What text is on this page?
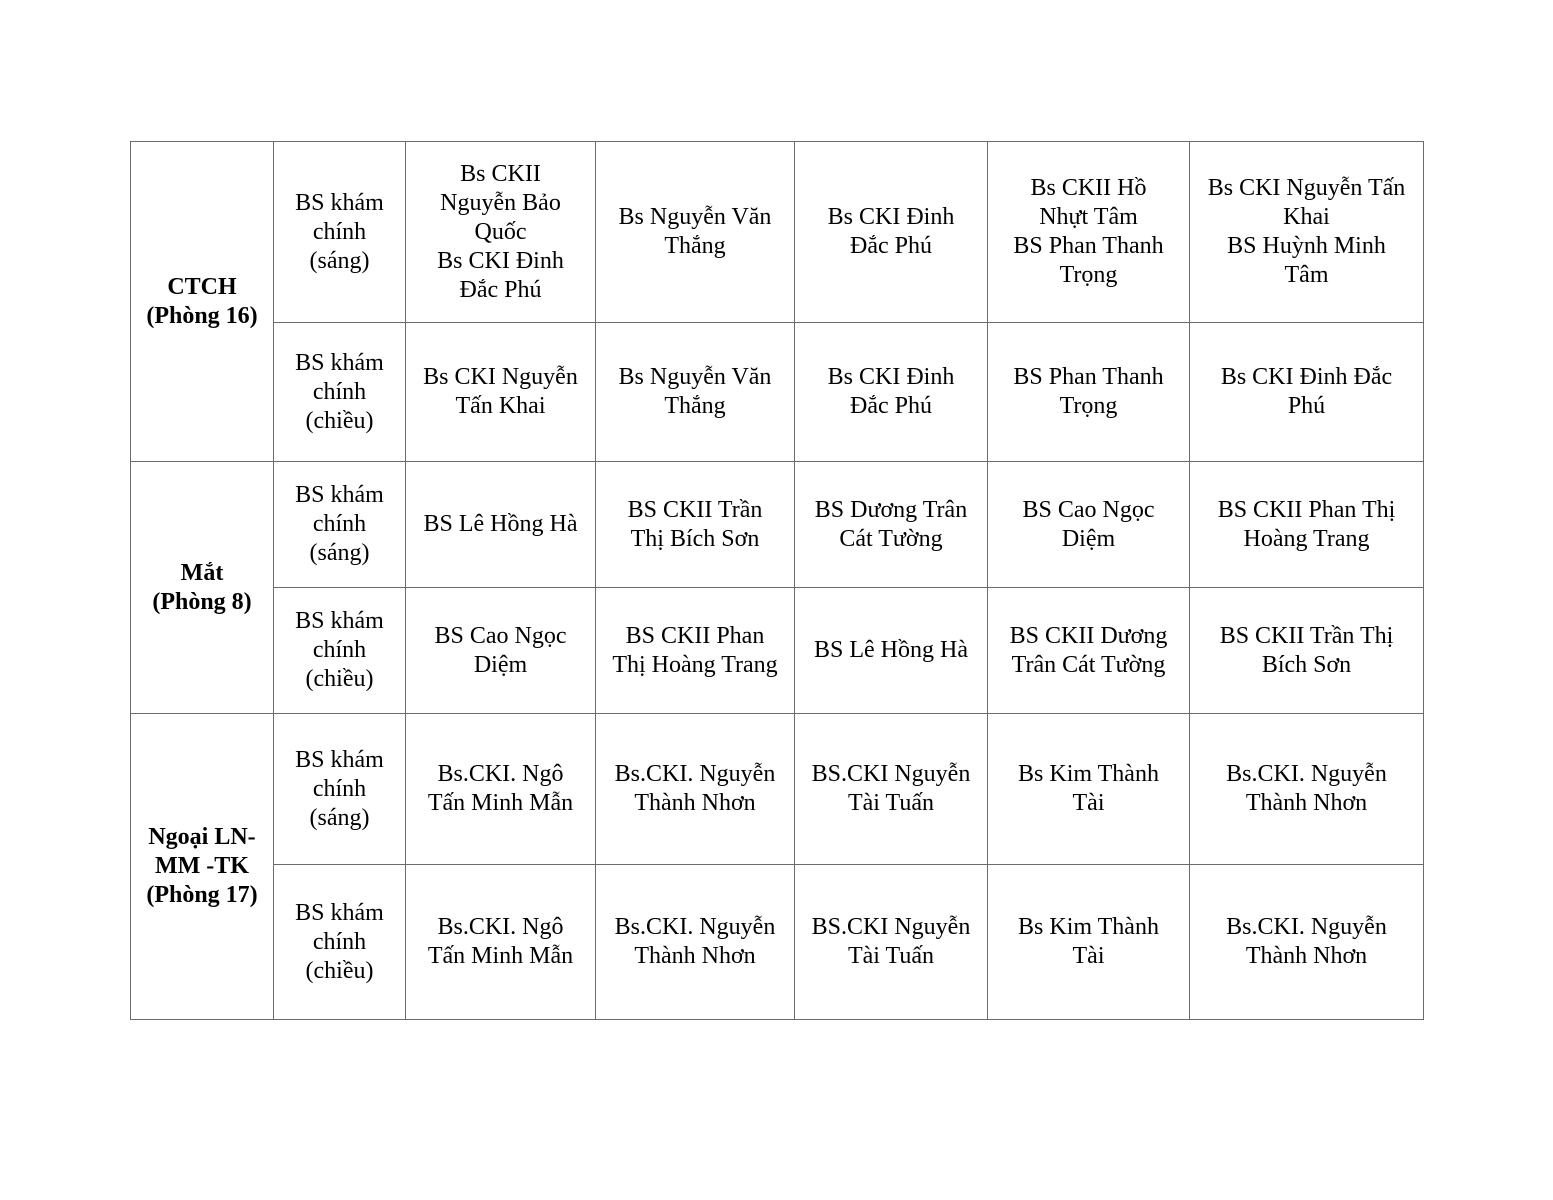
CTCH
(Phòng 16)	BS khám
chính
(sáng)	Bs CKII
Nguyễn Bảo
Quốc
Bs CKI Đinh
Đắc Phú	Bs Nguyễn Văn
Thắng	Bs CKI Đinh
Đắc Phú	Bs CKII Hồ
Nhựt Tâm
BS Phan Thanh
Trọng	Bs CKI Nguyễn Tấn
Khai
BS Huỳnh Minh
Tâm
	BS khám
chính
(chiều)	Bs CKI Nguyễn
Tấn Khai	Bs Nguyễn Văn
Thắng	Bs CKI Đinh
Đắc Phú	BS Phan Thanh
Trọng	Bs CKI Đinh Đắc
Phú
Mắt
(Phòng 8)	BS khám
chính
(sáng)	BS Lê Hồng Hà	BS CKII Trần
Thị Bích Sơn	BS Dương Trân
Cát Tường	BS Cao Ngọc
Diệm	BS CKII Phan Thị
Hoàng Trang
	BS khám
chính
(chiều)	BS Cao Ngọc
Diệm	BS CKII Phan
Thị Hoàng Trang	BS Lê Hồng Hà	BS CKII Dương
Trân Cát Tường	BS CKII Trần Thị
Bích Sơn
Ngoại LN-
MM -TK
(Phòng 17)	BS khám
chính
(sáng)	Bs.CKI. Ngô
Tấn Minh Mẫn	Bs.CKI. Nguyễn
Thành Nhơn	BS.CKI Nguyễn
Tài Tuấn	Bs Kim Thành
Tài	Bs.CKI. Nguyễn
Thành Nhơn
	BS khám
chính
(chiều)	Bs.CKI. Ngô
Tấn Minh Mẫn	Bs.CKI. Nguyễn
Thành Nhơn	BS.CKI Nguyễn
Tài Tuấn	Bs Kim Thành
Tài	Bs.CKI. Nguyễn
Thành Nhơn
